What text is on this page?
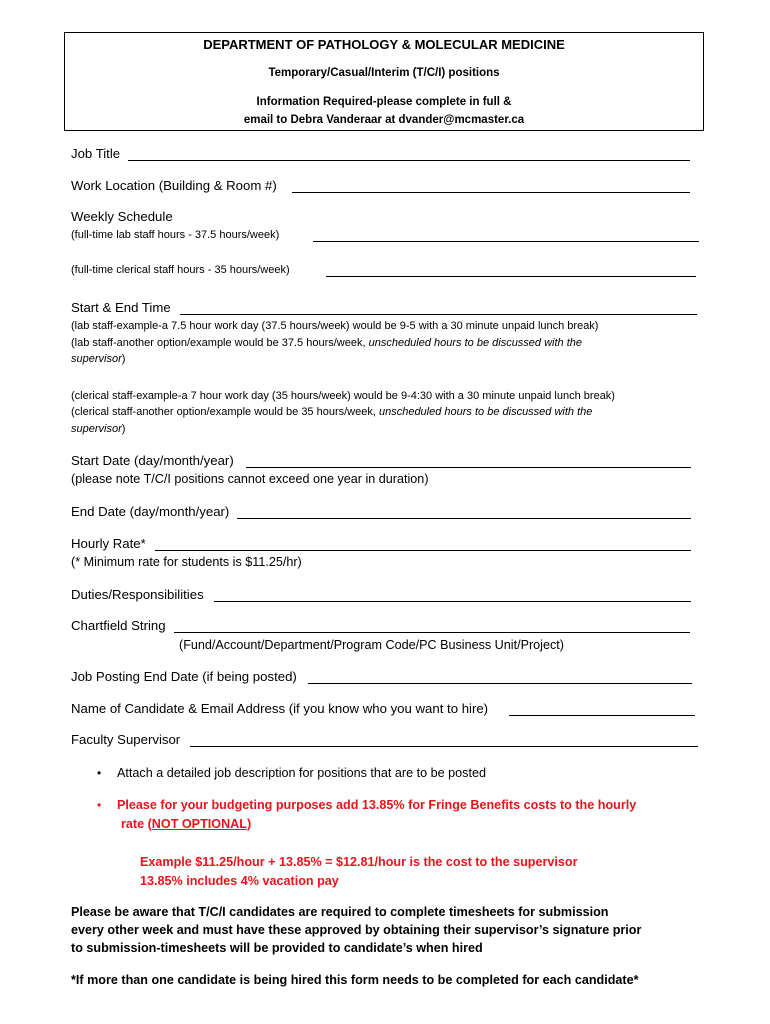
DEPARTMENT OF PATHOLOGY & MOLECULAR MEDICINE
Temporary/Casual/Interim (T/C/I) positions
Information Required-please complete in full &
email to Debra Vanderaar at dvander@mcmaster.ca
Job Title
Work Location (Building & Room #)
Weekly Schedule
(full-time lab staff hours - 37.5 hours/week)
(full-time clerical staff hours - 35 hours/week)
Start & End Time
(lab staff-example-a 7.5 hour work day (37.5 hours/week) would be 9-5 with a 30 minute unpaid lunch break)
(lab staff-another option/example would be 37.5 hours/week, unscheduled hours to be discussed with the
supervisor)
(clerical staff-example-a 7 hour work day (35 hours/week) would be 9-4:30 with a 30 minute unpaid lunch break)
(clerical staff-another option/example would be 35 hours/week, unscheduled hours to be discussed with the
supervisor)
Start Date (day/month/year)
(please note T/C/I positions cannot exceed one year in duration)
End Date (day/month/year)
Hourly Rate*
(* Minimum rate for students is $11.25/hr)
Duties/Responsibilities
Chartfield String
(Fund/Account/Department/Program Code/PC Business Unit/Project)
Job Posting End Date (if being posted)
Name of Candidate & Email Address (if you know who you want to hire)
Faculty Supervisor
• Attach a detailed job description for positions that are to be posted
• Please for your budgeting purposes add 13.85% for Fringe Benefits costs to the hourly
rate (NOT OPTIONAL)
Example $11.25/hour + 13.85% = $12.81/hour is the cost to the supervisor
13.85% includes 4% vacation pay
Please be aware that T/C/I candidates are required to complete timesheets for submission
every other week and must have these approved by obtaining their supervisor’s signature prior
to submission-timesheets will be provided to candidate’s when hired
*If more than one candidate is being hired this form needs to be completed for each candidate*
